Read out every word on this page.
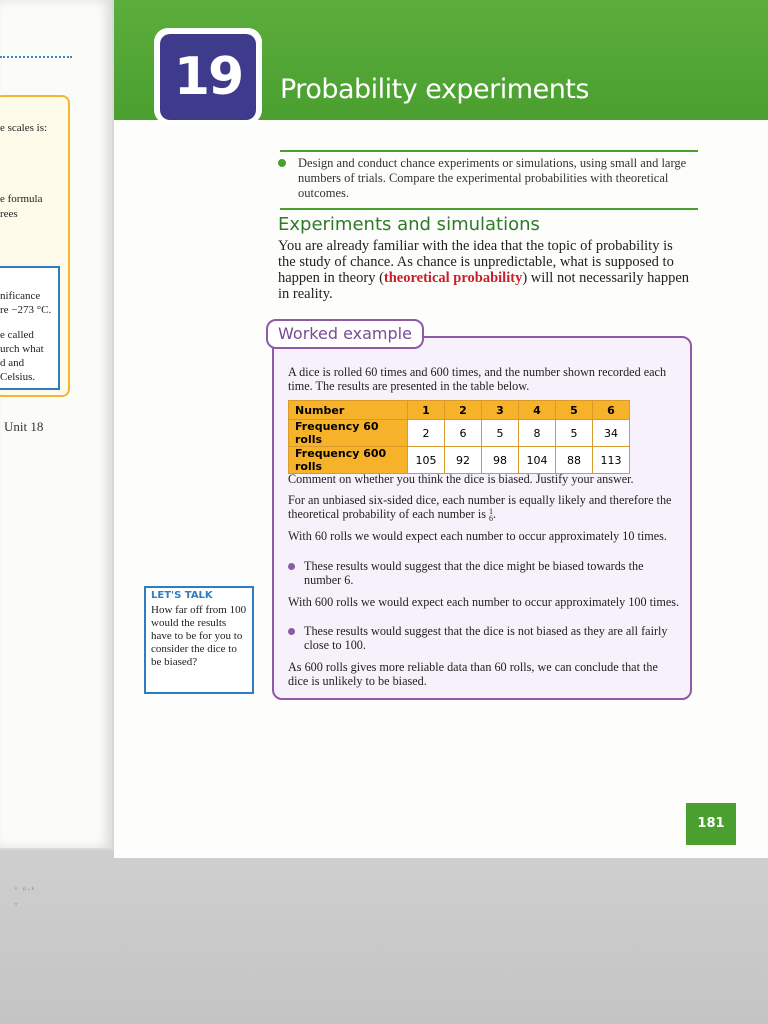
ⁿ ᵖ·ᵏ
ᵗ
e scales is:
e formula
rees
nificance
re −273 °C.
e called
urch what
d and
Celsius.
Unit 18
19	Probability experiments
Design and conduct chance experiments or simulations, using small and large numbers of trials. Compare the experimental probabilities with theoretical outcomes.
Experiments and simulations
You are already familiar with the idea that the topic of probability is the study of chance. As chance is unpredictable, what is supposed to happen in theory (theoretical probability) will not necessarily happen in reality.
Worked example
A dice is rolled 60 times and 600 times, and the number shown recorded each time. The results are presented in the table below.
Number	1	2	3	4	5	6
Frequency 60 rolls	2	6	5	8	5	34
Frequency 600 rolls	105	92	98	104	88	113
Comment on whether you think the dice is biased. Justify your answer.
For an unbiased six-sided dice, each number is equally likely and therefore the theoretical probability of each number is 1
6.
With 60 rolls we would expect each number to occur approximately 10 times.
These results would suggest that the dice might be biased towards the number 6.
With 600 rolls we would expect each number to occur approximately 100 times.
These results would suggest that the dice is not biased as they are all fairly close to 100.
As 600 rolls gives more reliable data than 60 rolls, we can conclude that the dice is unlikely to be biased.
LET'S TALK
How far off from 100 would the results have to be for you to consider the dice to be biased?
181
